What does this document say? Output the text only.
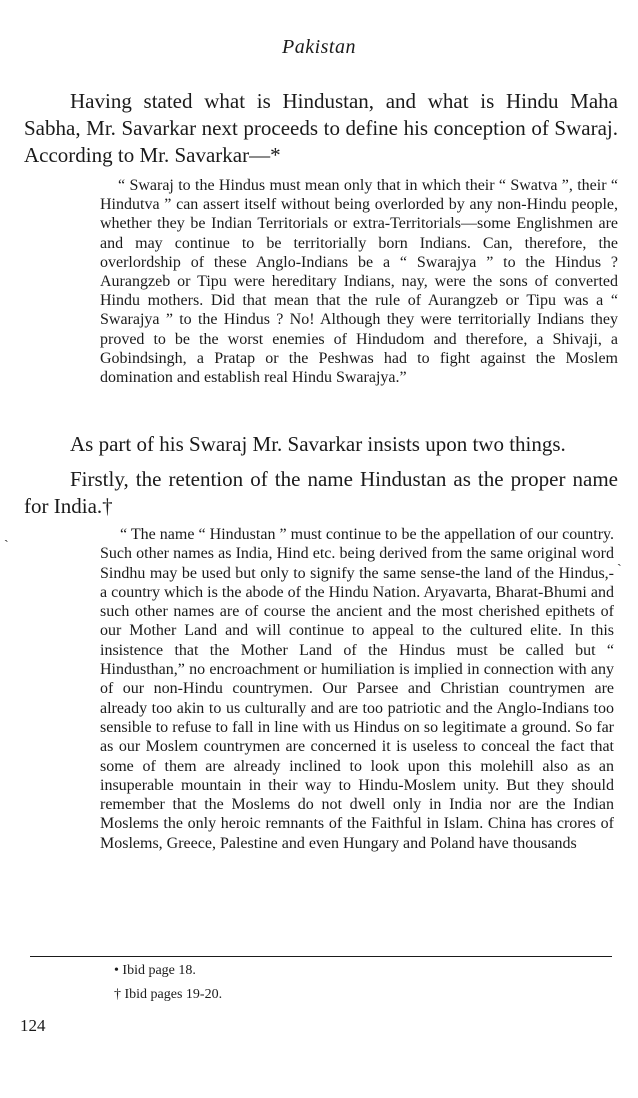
Pakistan

Having stated what is Hindustan, and what is Hindu Maha Sabha, Mr. Savarkar next proceeds to define his conception of Swaraj. According to Mr. Savarkar—*

“ Swaraj to the Hindus must mean only that in which their “ Swatva ”, their “ Hindutva ” can assert itself without being overlorded by any non-Hindu people, whether they be Indian Territorials or extra-Territorials—some Englishmen are and may continue to be territorially born Indians. Can, therefore, the overlordship of these Anglo-Indians be a “ Swarajya ” to the Hindus ? Aurangzeb or Tipu were hereditary Indians, nay, were the sons of converted Hindu mothers. Did that mean that the rule of Aurangzeb or Tipu was a “ Swarajya ” to the Hindus ? No! Although they were territorially Indians they proved to be the worst enemies of Hindudom and therefore, a Shivaji, a Gobindsingh, a Pratap or the Peshwas had to fight against the Moslem domination and establish real Hindu Swarajya.”

As part of his Swaraj Mr. Savarkar insists upon two things.

Firstly, the retention of the name Hindustan as the proper name for India.†

“ The name “ Hindustan ” must continue to be the appellation of our country. Such other names as India, Hind etc. being derived from the same original word Sindhu may be used but only to signify the same sense-the land of the Hindus,-a country which is the abode of the Hindu Nation. Aryavarta, Bharat-Bhumi and such other names are of course the ancient and the most cherished epithets of our Mother Land and will continue to appeal to the cultured elite. In this insistence that the Mother Land of the Hindus must be called but “ Hindusthan,” no encroachment or humiliation is implied in connection with any of our non-Hindu countrymen. Our Parsee and Christian countrymen are already too akin to us culturally and are too patriotic and the Anglo-Indians too sensible to refuse to fall in line with us Hindus on so legitimate a ground. So far as our Moslem countrymen are concerned it is useless to conceal the fact that some of them are already inclined to look upon this molehill also as an insuperable mountain in their way to Hindu-Moslem unity. But they should remember that the Moslems do not dwell only in India nor are the Indian Moslems the only heroic remnants of the Faithful in Islam. China has crores of Moslems, Greece, Palestine and even Hungary and Poland have thousands

ˏ
ˏ

• Ibid page 18.

† Ibid pages 19-20.

124
